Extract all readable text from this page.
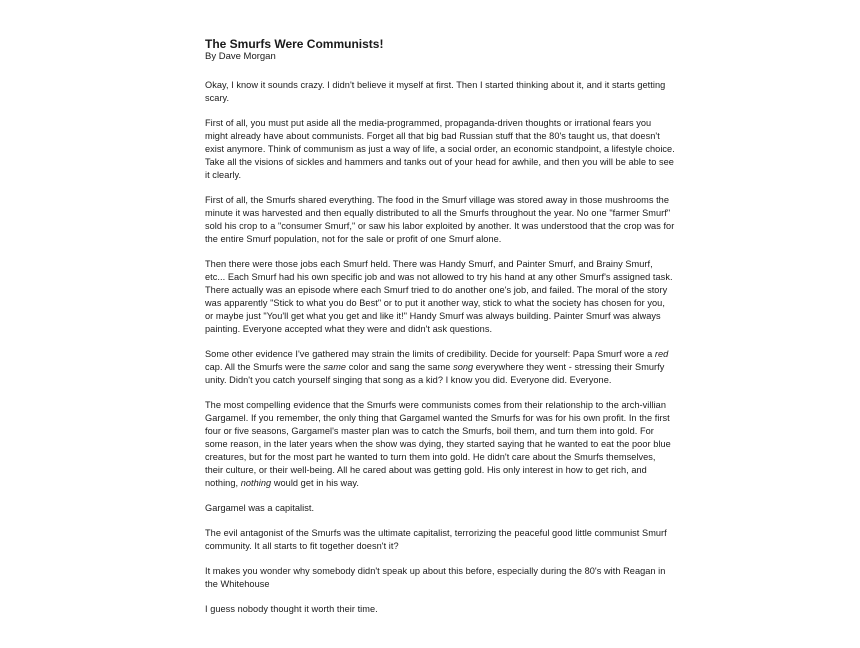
The Smurfs Were Communists!

By Dave Morgan

Okay, I know it sounds crazy. I didn't believe it myself at first. Then I started thinking about it, and it starts getting scary.

First of all, you must put aside all the media-programmed, propaganda-driven thoughts or irrational fears you might already have about communists. Forget all that big bad Russian stuff that the 80's taught us, that doesn't exist anymore. Think of communism as just a way of life, a social order, an economic standpoint, a lifestyle choice. Take all the visions of sickles and hammers and tanks out of your head for awhile, and then you will be able to see it clearly.

First of all, the Smurfs shared everything. The food in the Smurf village was stored away in those mushrooms the minute it was harvested and then equally distributed to all the Smurfs throughout the year. No one "farmer Smurf" sold his crop to a "consumer Smurf," or saw his labor exploited by another. It was understood that the crop was for the entire Smurf population, not for the sale or profit of one Smurf alone.

Then there were those jobs each Smurf held. There was Handy Smurf, and Painter Smurf, and Brainy Smurf, etc... Each Smurf had his own specific job and was not allowed to try his hand at any other Smurf's assigned task. There actually was an episode where each Smurf tried to do another one's job, and failed. The moral of the story was apparently "Stick to what you do Best" or to put it another way, stick to what the society has chosen for you, or maybe just "You'll get what you get and like it!" Handy Smurf was always building. Painter Smurf was always painting. Everyone accepted what they were and didn't ask questions.

Some other evidence I've gathered may strain the limits of credibility. Decide for yourself: Papa Smurf wore a red cap. All the Smurfs were the same color and sang the same song everywhere they went - stressing their Smurfy unity. Didn't you catch yourself singing that song as a kid? I know you did. Everyone did. Everyone.

The most compelling evidence that the Smurfs were communists comes from their relationship to the arch-villian Gargamel. If you remember, the only thing that Gargamel wanted the Smurfs for was for his own profit. In the first four or five seasons, Gargamel's master plan was to catch the Smurfs, boil them, and turn them into gold. For some reason, in the later years when the show was dying, they started saying that he wanted to eat the poor blue creatures, but for the most part he wanted to turn them into gold. He didn't care about the Smurfs themselves, their culture, or their well-being. All he cared about was getting gold. His only interest in how to get rich, and nothing, nothing would get in his way.

Gargamel was a capitalist.

The evil antagonist of the Smurfs was the ultimate capitalist, terrorizing the peaceful good little communist Smurf community. It all starts to fit together doesn't it?

It makes you wonder why somebody didn't speak up about this before, especially during the 80's with Reagan in the Whitehouse

I guess nobody thought it worth their time.
